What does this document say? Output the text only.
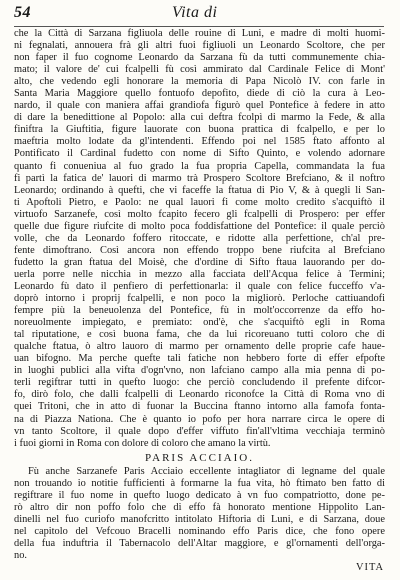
54	Vita di
che la Città di Sarzana figliuola delle rouine di Luni, e madre di molti huomi-
ni fegnalati, annouera frà gli altri fuoi figliuoli un Leonardo Scoltore, che per
non faper il fuo cognome Leonardo da Sarzana fù da tutti communemente chia-
mato; il valore de' cui fcalpelli fù così ammirato dal Cardinale Felice di Mont'
alto, che vedendo egli honorare la memoria di Papa Nicolò IV. con farle in
Santa Maria Maggiore quello fontuofo depofito, diede di ciò la cura à Leo-
nardo, il quale con maniera affai grandiofa figurò quel Pontefice à federe in atto
di dare la benedittione al Popolo: alla cui deftra fcolpì di marmo la Fede, & alla
finiftra la Giuftitia, figure lauorate con buona prattica di fcalpello, e per lo
maeftria molto lodate da gl'intendenti. Effendo poi nel 1585 ftato affonto al
Pontificato il Cardinal fudetto con nome di Sifto Quinto, e volendo adornare
quanto fi conueniua al fuo grado la fua propria Capella, commandata la fua
fi partì la fatica de' lauori di marmo trà Prospero Scoltore Brefciano, & il noftro
Leonardo; ordinando à quefti, che vi faceffe la ftatua di Pio V, & à quegli li San-
ti Apoftoli Pietro, e Paolo: ne qual lauori fi come molto credito s'acquiftò il
virtuofo Sarzanefe, così molto fcapito fecero gli fcalpelli di Prospero: per effer
quelle due figure riufcite di molto poca foddisfattione del Pontefice: il quale perciò
volle, che da Leonardo foffero ritoccate, e ridotte alla perfettione, ch'al pre-
fente dimoftrano. Così ancora non effendo troppo bene riufcita al Brefciano
fudetto la gran ftatua del Moisè, che d'ordine di Sifto ftaua lauorando per do-
uerla porre nelle nicchia in mezzo alla facciata dell'Acqua felice à Termini;
Leonardo fù dato il penfiero di perfettionarla: il quale con felice fucceffo v'a-
doprò intorno i proprij fcalpelli, e non poco la migliorò. Perloche cattiuandofi
fempre più la beneuolenza del Pontefice, fù in molt'occorrenze da effo ho-
noreuolmente impiegato, e premiato: ond'è, che s'acquiftò egli in Roma
tal riputatione, e così buona fama, che da lui ricoreuano tutti coloro che di
qualche ftatua, ò altro lauoro di marmo per ornamento delle proprie cafe haue-
uan bifogno. Ma perche quefte tali fatiche non hebbero forte di effer efpofte
in luoghi publici alla vifta d'ogn'vno, non lafciano campo alla mia penna di po-
terli regiftrar tutti in quefto luogo: che perciò concludendo il prefente difcor-
fo, dirò folo, che dalli fcalpelli di Leonardo riconofce la Città di Roma vno di
quei Tritoni, che in atto di fuonar la Buccina ftanno intorno alla famofa fonta-
na di Piazza Nationa. Che è quanto io pofo per hora narrare circa le opere di
vn tanto Scoltore, il quale dopo d'effer viffuto fin'all'vltima vecchiaja terminò
i fuoi giorni in Roma con dolore di coloro che amano la virtù.
PARIS ACCIAIO.
Fù anche Sarzanefe Paris Acciaio eccellente intagliator di legname del quale
non trouando io notitie fufficienti à formarne la fua vita, hò ftimato ben fatto di
regiftrare il fuo nome in quefto luogo dedicato à vn fuo compatriotto, done pe-
rò altro dir non poffo folo che di effo fà honorato mentione Hippolito Lan-
dinelli nel fuo curiofo manofcritto intitolato Hiftoria di Luni, e di Sarzana, doue
nel capitolo del Vefcouo Bracelli nominando effo Paris dice, che fono opere
della fua induftria il Tabernacolo dell'Altar maggiore, e gl'ornamenti dell'orga-
no.
VITA
